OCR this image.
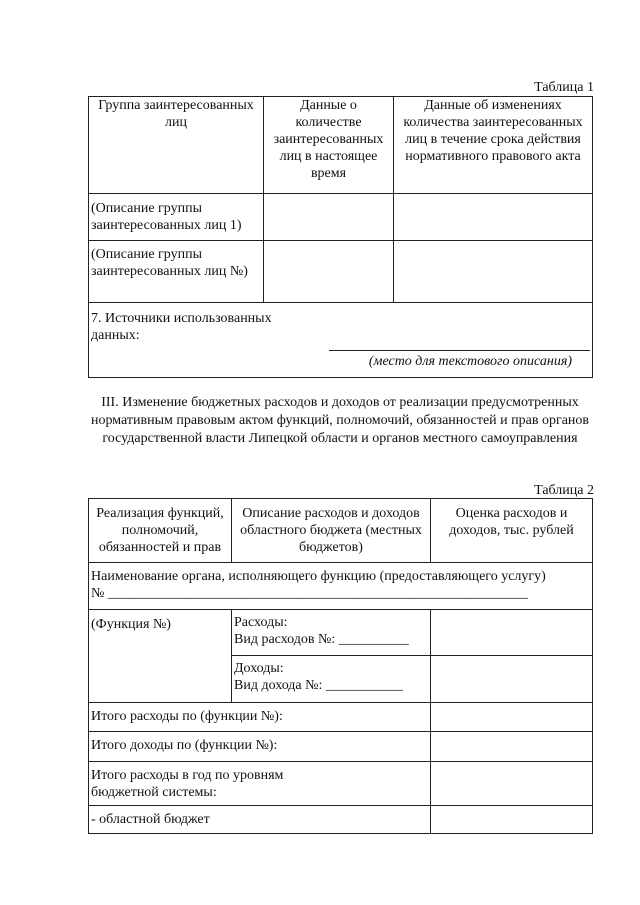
Таблица 1
Группа заинтересованных лиц	Данные о количестве заинтересованных лиц в настоящее время	Данные об изменениях количества заинтересованных лиц в течение срока действия нормативного правового акта
(Описание группы заинтересованных лиц 1)		
(Описание группы заинтересованных лиц №)		

7. Источники использованных данных:
(место для текстового описания)		
III. Изменение бюджетных расходов и доходов от реализации предусмотренных нормативным правовым актом функций, полномочий, обязанностей и прав органов государственной власти Липецкой области и органов местного самоуправления
Таблица 2
Реализация функций, полномочий, обязанностей и прав	Описание расходов и доходов областного бюджета (местных бюджетов)	Оценка расходов и доходов, тыс. рублей

Наименование органа, исполняющего функцию (предоставляющего услугу)
№ ____________________________________________________________		

(Функция №)	Расходы:
Вид расходов №: __________	

	Доходы:
Вид дохода №: ___________	

Итого расходы по (функции №):		
Итого доходы по (функции №):		
Итого расходы в год по уровням бюджетной системы:		
- областной бюджет		
